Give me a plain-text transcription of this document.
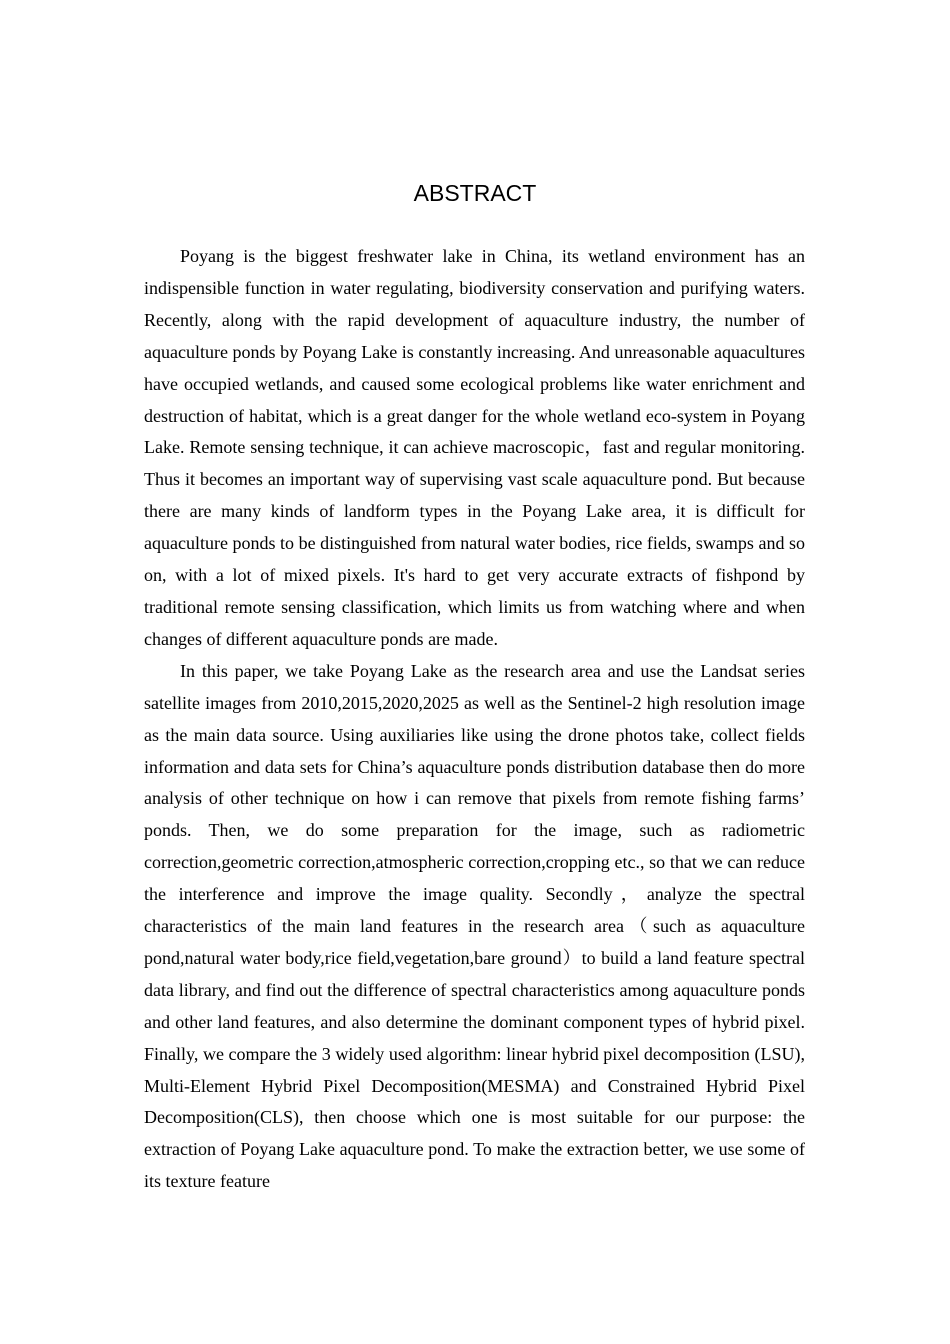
ABSTRACT

Poyang is the biggest freshwater lake in China, its wetland environment has an indispensible function in water regulating, biodiversity conservation and purifying waters. Recently, along with the rapid development of aquaculture industry, the number of aquaculture ponds by Poyang Lake is constantly increasing. And unreasonable aquacultures have occupied wetlands, and caused some ecological problems like water enrichment and destruction of habitat, which is a great danger for the whole wetland eco-system in Poyang Lake. Remote sensing technique, it can achieve macroscopic，fast and regular monitoring. Thus it becomes an important way of supervising vast scale aquaculture pond. But because there are many kinds of landform types in the Poyang Lake area, it is difficult for aquaculture ponds to be distinguished from natural water bodies, rice fields, swamps and so on, with a lot of mixed pixels. It's hard to get very accurate extracts of fishpond by traditional remote sensing classification, which limits us from watching where and when changes of different aquaculture ponds are made.

In this paper, we take Poyang Lake as the research area and use the Landsat series satellite images from 2010,2015,2020,2025 as well as the Sentinel-2 high resolution image as the main data source. Using auxiliaries like using the drone photos take, collect fields information and data sets for China’s aquaculture ponds distribution database then do more analysis of other technique on how i can remove that pixels from remote fishing farms’ ponds. Then, we do some preparation for the image, such as radiometric correction,geometric correction,atmospheric correction,cropping etc., so that we can reduce the interference and improve the image quality. Secondly，analyze the spectral characteristics of the main land features in the research area（such as aquaculture pond,natural water body,rice field,vegetation,bare ground）to build a land feature spectral data library, and find out the difference of spectral characteristics among aquaculture ponds and other land features, and also determine the dominant component types of hybrid pixel. Finally, we compare the 3 widely used algorithm: linear hybrid pixel decomposition (LSU), Multi-Element Hybrid Pixel Decomposition(MESMA) and Constrained Hybrid Pixel Decomposition(CLS), then choose which one is most suitable for our purpose: the extraction of Poyang Lake aquaculture pond. To make the extraction better, we use some of its texture feature
